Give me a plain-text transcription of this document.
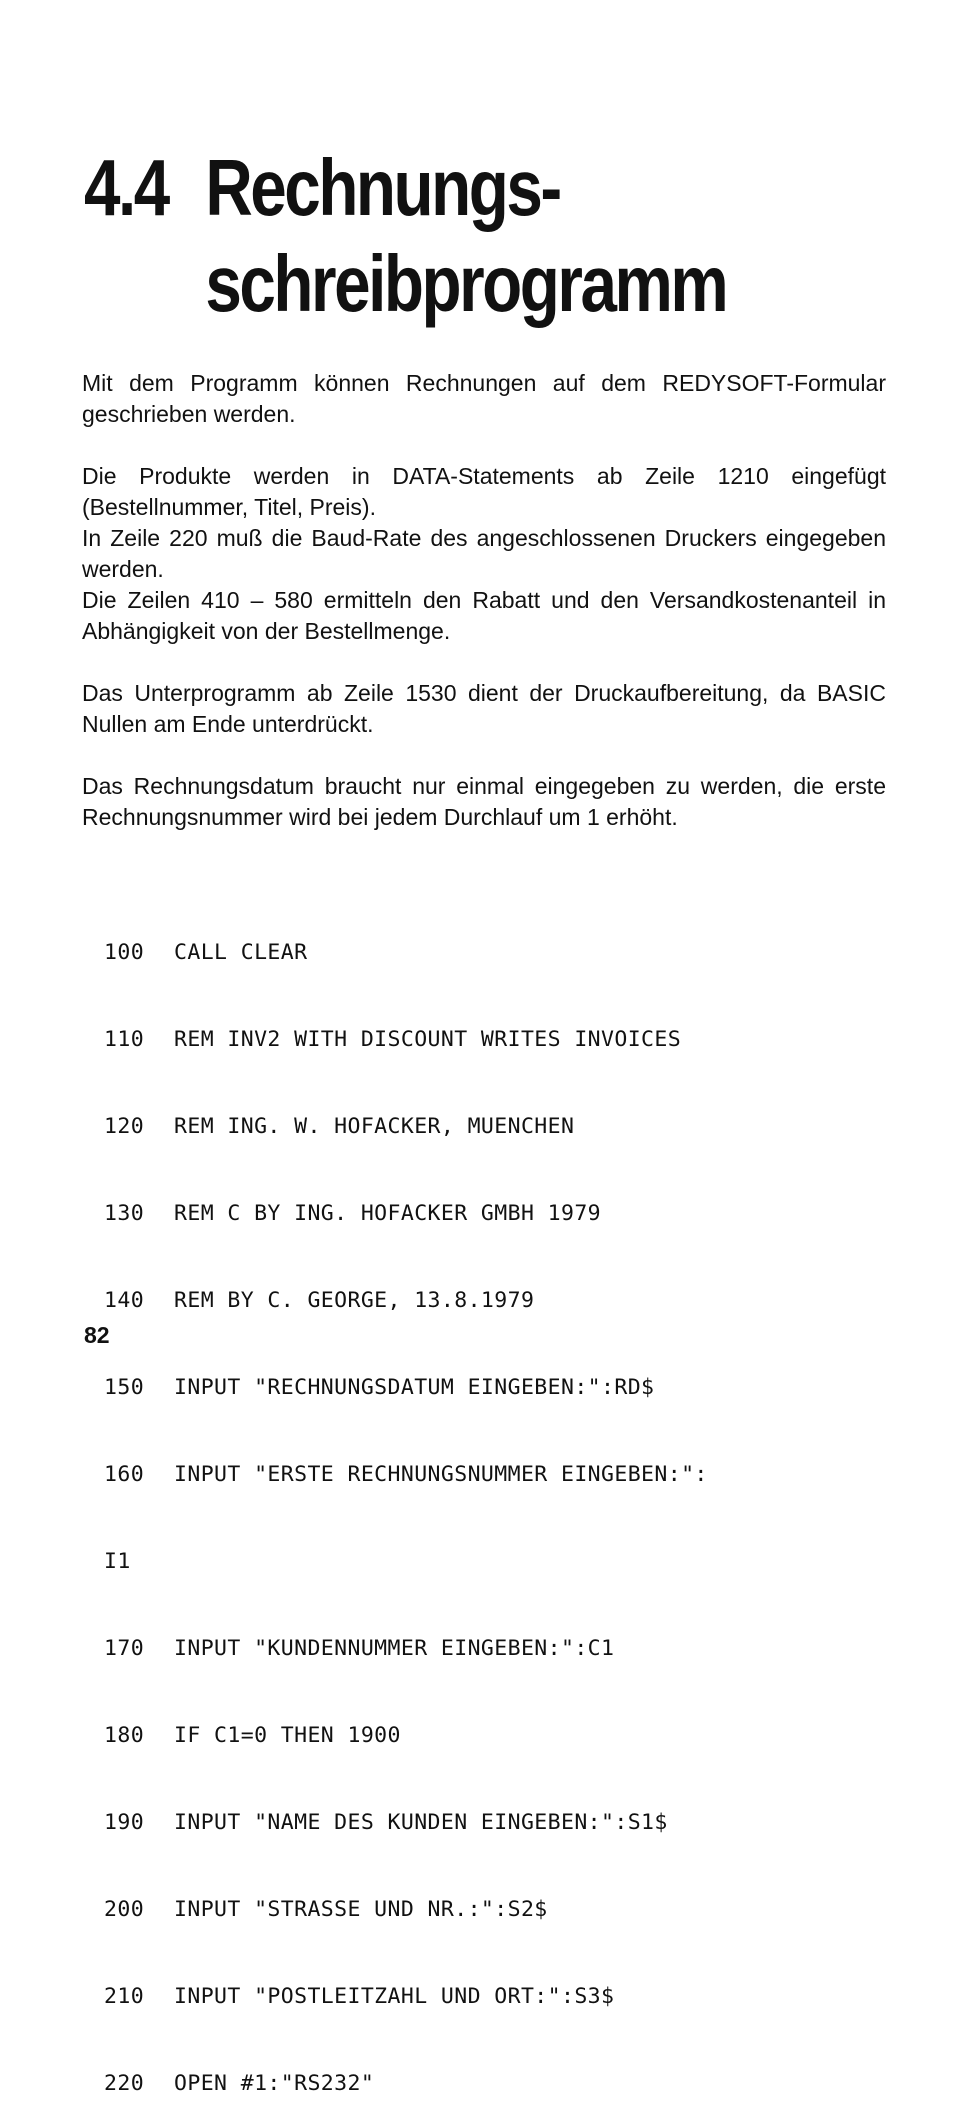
4.4 Rechnungs-
schreibprogramm

Mit dem Programm können Rechnungen auf dem REDYSOFT-Formular geschrieben werden.

Die Produkte werden in DATA-Statements ab Zeile 1210 eingefügt (Bestellnummer, Titel, Preis).

In Zeile 220 muß die Baud-Rate des angeschlossenen Druckers eingegeben werden.

Die Zeilen 410 – 580 ermitteln den Rabatt und den Versandkostenanteil in Abhängigkeit von der Bestellmenge.

Das Unterprogramm ab Zeile 1530 dient der Druckaufbereitung, da BASIC Nullen am Ende unterdrückt.

Das Rechnungsdatum braucht nur einmal eingegeben zu werden, die erste Rechnungsnummer wird bei jedem Durchlauf um 1 erhöht.

100 CALL CLEAR

110 REM INV2 WITH DISCOUNT WRITES INVOICES

120 REM ING. W. HOFACKER, MUENCHEN

130 REM C BY ING. HOFACKER GMBH 1979

140 REM BY C. GEORGE, 13.8.1979

150 INPUT "RECHNUNGSDATUM EINGEBEN:":RD$

160 INPUT "ERSTE RECHNUNGSNUMMER EINGEBEN:":

I1

170 INPUT "KUNDENNUMMER EINGEBEN:":C1

180 IF C1=0 THEN 1900

190 INPUT "NAME DES KUNDEN EINGEBEN:":S1$

200 INPUT "STRASSE UND NR.:":S2$

210 INPUT "POSTLEITZAHL UND ORT:":S3$

220 OPEN #1:"RS232"

82
